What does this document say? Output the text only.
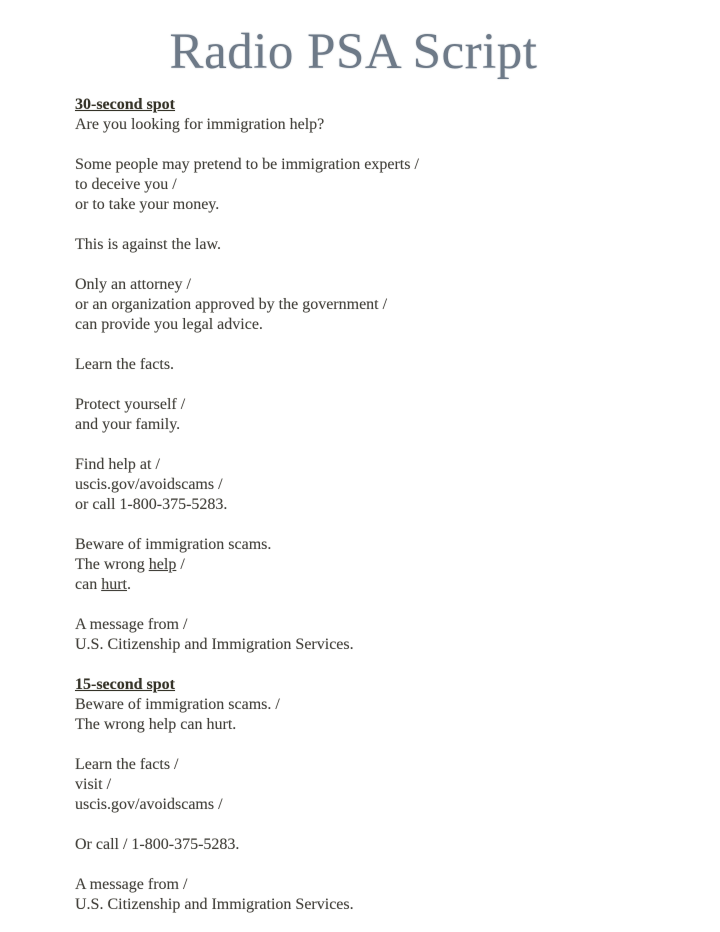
Radio PSA Script
30-second spot

Are you looking for immigration help?

Some people may pretend to be immigration experts /
to deceive you /
or to take your money.

This is against the law.

Only an attorney /
or an organization approved by the government /
can provide you legal advice.

Learn the facts.

Protect yourself /
and your family.

Find help at /
uscis.gov/avoidscams /
or call 1-800-375-5283.

Beware of immigration scams.
The wrong help /
can hurt.

A message from /
U.S. Citizenship and Immigration Services.

15-second spot

Beware of immigration scams. /
The wrong help can hurt.

Learn the facts /
visit /
uscis.gov/avoidscams /

Or call / 1-800-375-5283.

A message from /
U.S. Citizenship and Immigration Services.
